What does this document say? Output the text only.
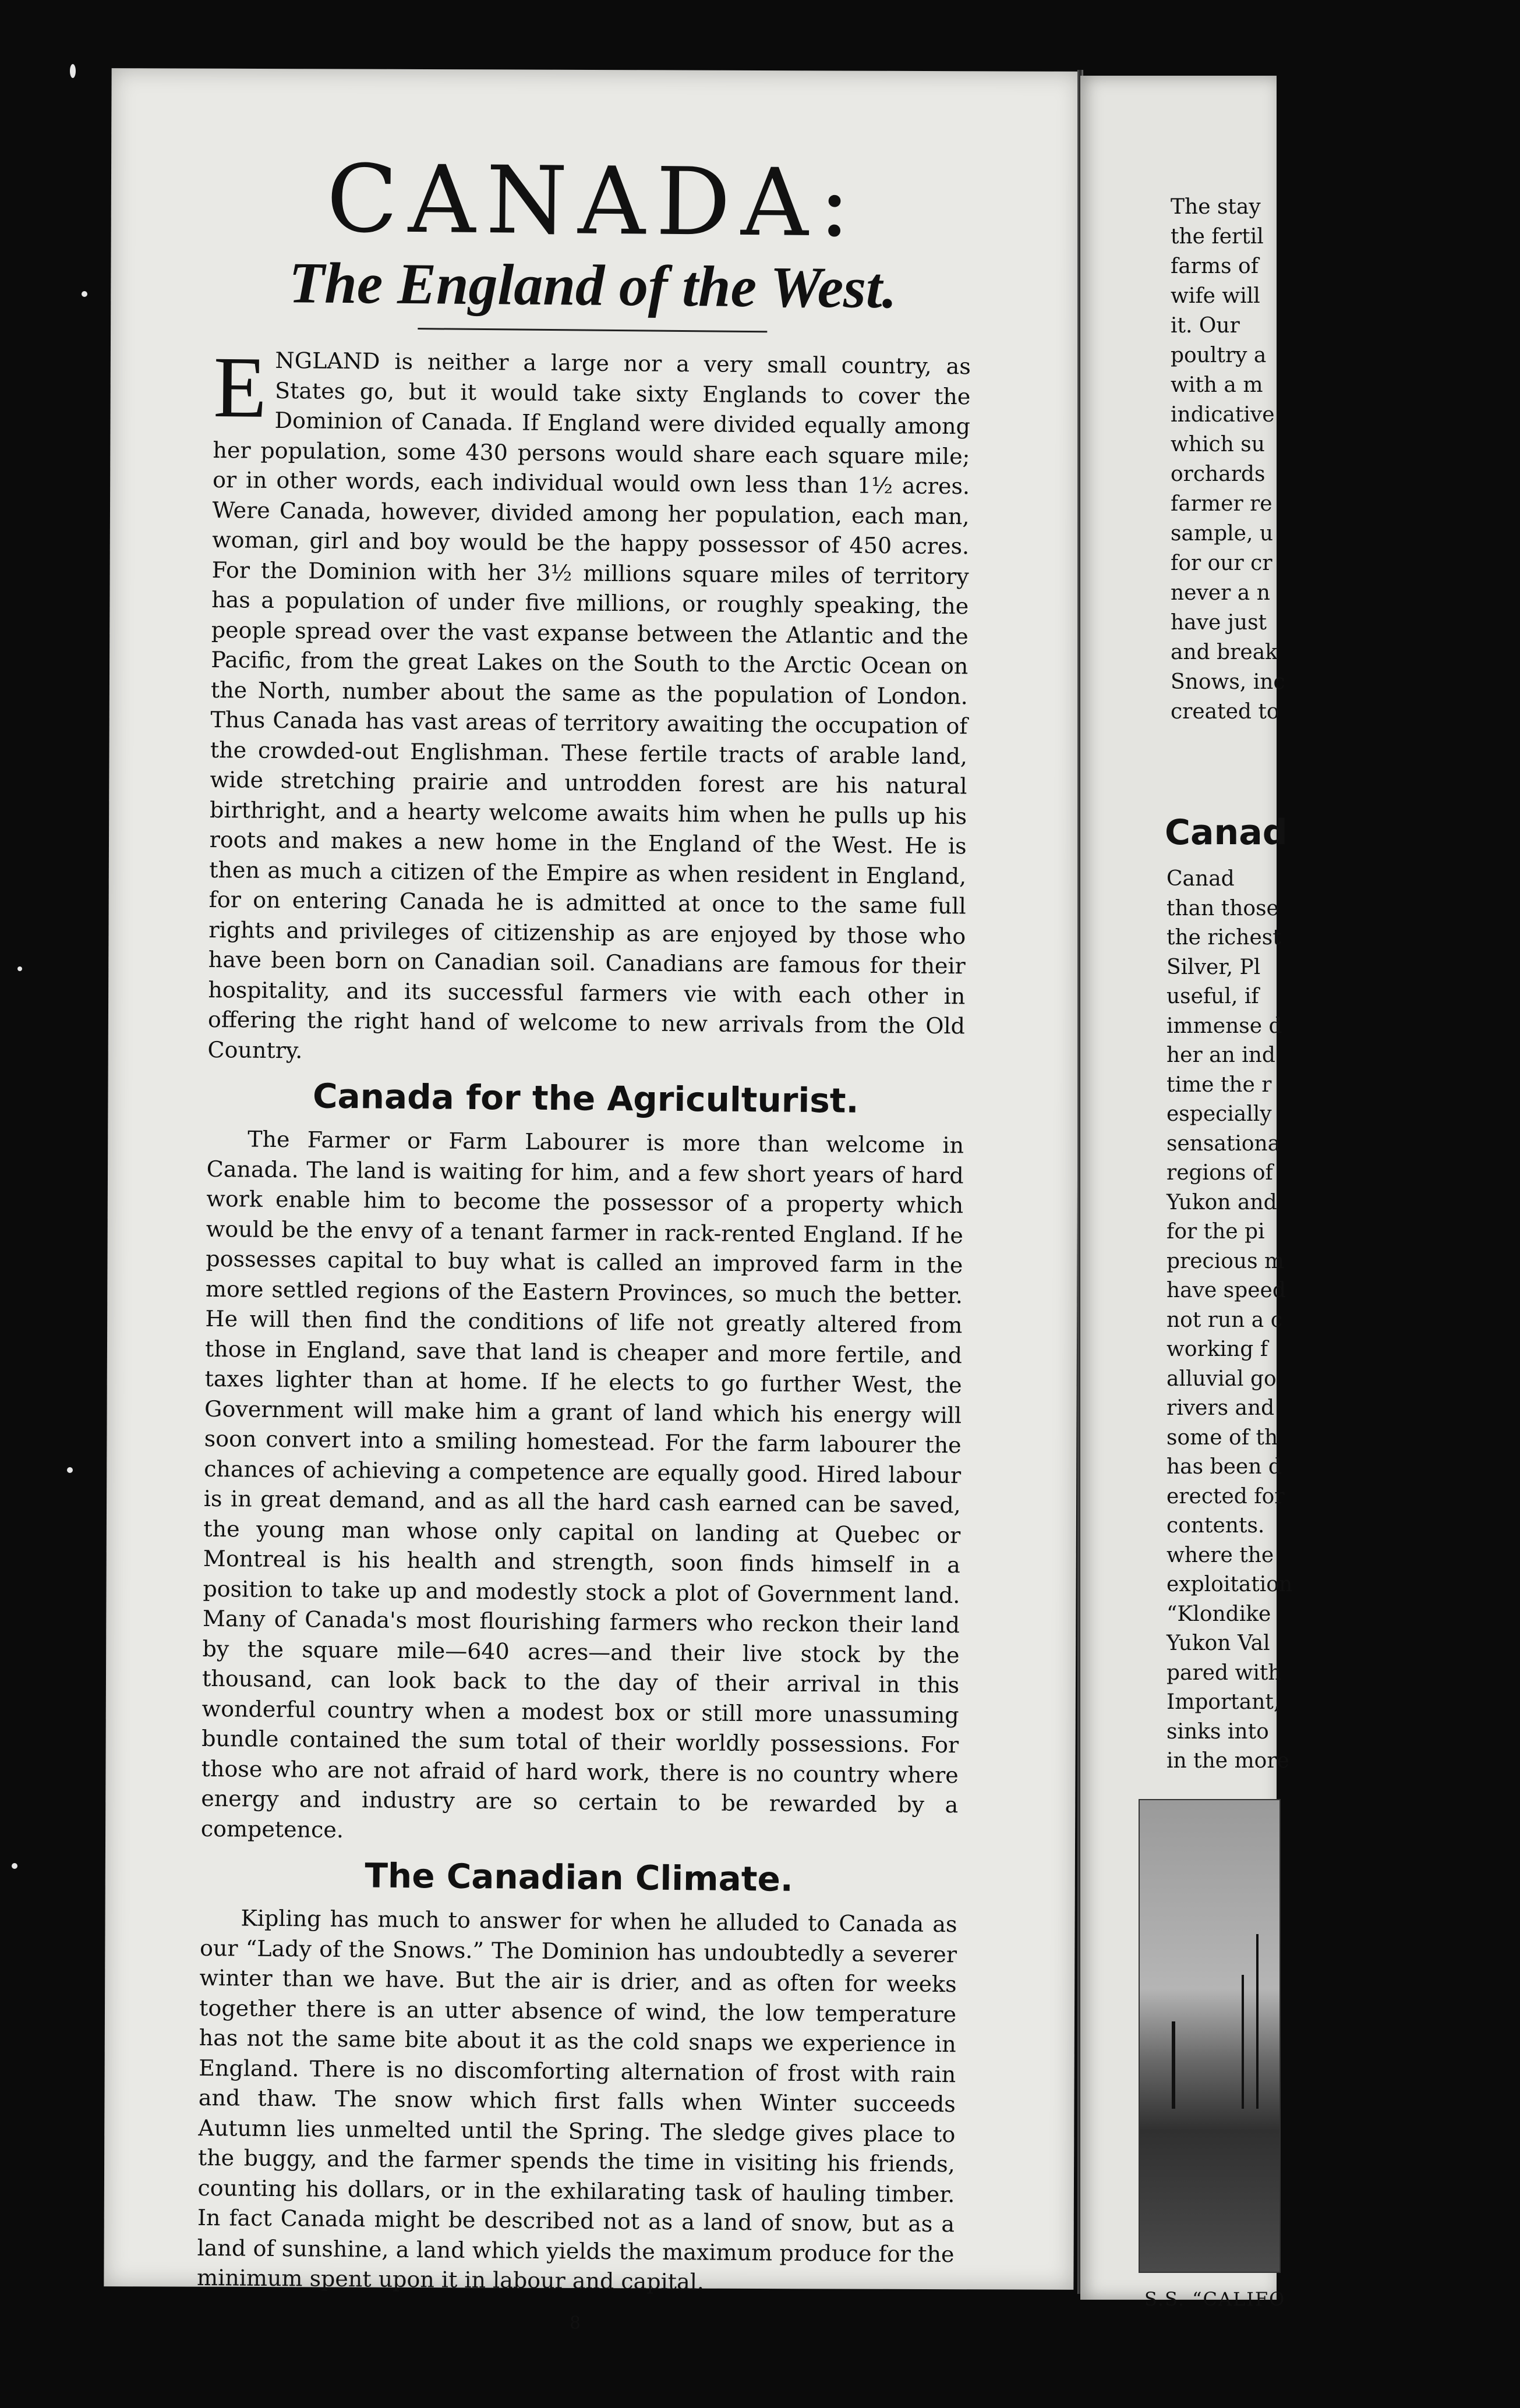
The stay
the fertil
farms of
wife will
it. Our
poultry a
with a m
indicative
which su
orchards
farmer re
sample, u
for our cr
never a n
have just
and break
Snows, inc
created to
Canad
Canad
than those
the richest
Silver, Pl
useful, if
immense d
her an ind
time the r
especially
sensationa
regions of
Yukon and
for the pi
precious m
have speed
not run a c
working f
alluvial go
rivers and
some of th
has been d
erected for
contents.
where the
exploitation
“Klondike
Yukon Val
pared with
Important,
sinks into
in the more
S.S. “CALIFO
CANADA:
The England of the West.

ENGLAND is neither a large nor a very small country, as States go, but it would take sixty Englands to cover the Dominion of Canada. If England were divided equally among her population, some 430 persons would share each square mile; or in other words, each individual would own less than 1½ acres. Were Canada, however, divided among her population, each man, woman, girl and boy would be the happy possessor of 450 acres. For the Dominion with her 3½ millions square miles of territory has a population of under five millions, or roughly speaking, the people spread over the vast expanse between the Atlantic and the Pacific, from the great Lakes on the South to the Arctic Ocean on the North, number about the same as the population of London. Thus Canada has vast areas of territory awaiting the occupation of the crowded-out Englishman. These fertile tracts of arable land, wide stretching prairie and untrodden forest are his natural birthright, and a hearty welcome awaits him when he pulls up his roots and makes a new home in the England of the West. He is then as much a citizen of the Empire as when resident in England, for on entering Canada he is admitted at once to the same full rights and privileges of citizenship as are enjoyed by those who have been born on Canadian soil. Canadians are famous for their hospitality, and its successful farmers vie with each other in offering the right hand of welcome to new arrivals from the Old Country.

Canada for the Agriculturist.

The Farmer or Farm Labourer is more than welcome in Canada. The land is waiting for him, and a few short years of hard work enable him to become the possessor of a property which would be the envy of a tenant farmer in rack-rented England. If he possesses capital to buy what is called an improved farm in the more settled regions of the Eastern Provinces, so much the better. He will then find the conditions of life not greatly altered from those in England, save that land is cheaper and more fertile, and taxes lighter than at home. If he elects to go further West, the Government will make him a grant of land which his energy will soon convert into a smiling homestead. For the farm labourer the chances of achieving a competence are equally good. Hired labour is in great demand, and as all the hard cash earned can be saved, the young man whose only capital on landing at Quebec or Montreal is his health and strength, soon finds himself in a position to take up and modestly stock a plot of Government land. Many of Canada's most flourishing farmers who reckon their land by the square mile—640 acres—and their live stock by the thousand, can look back to the day of their arrival in this wonderful country when a modest box or still more unassuming bundle contained the sum total of their worldly possessions. For those who are not afraid of hard work, there is no country where energy and industry are so certain to be rewarded by a competence.

The Canadian Climate.

Kipling has much to answer for when he alluded to Canada as our “Lady of the Snows.” The Dominion has undoubtedly a severer winter than we have. But the air is drier, and as often for weeks together there is an utter absence of wind, the low temperature has not the same bite about it as the cold snaps we experience in England. There is no discomforting alternation of frost with rain and thaw. The snow which first falls when Winter succeeds Autumn lies unmelted until the Spring. The sledge gives place to the buggy, and the farmer spends the time in visiting his friends, counting his dollars, or in the exhilarating task of hauling timber. In fact Canada might be described not as a land of snow, but as a land of sunshine, a land which yields the maximum produce for the minimum spent upon it in labour and capital.

8
